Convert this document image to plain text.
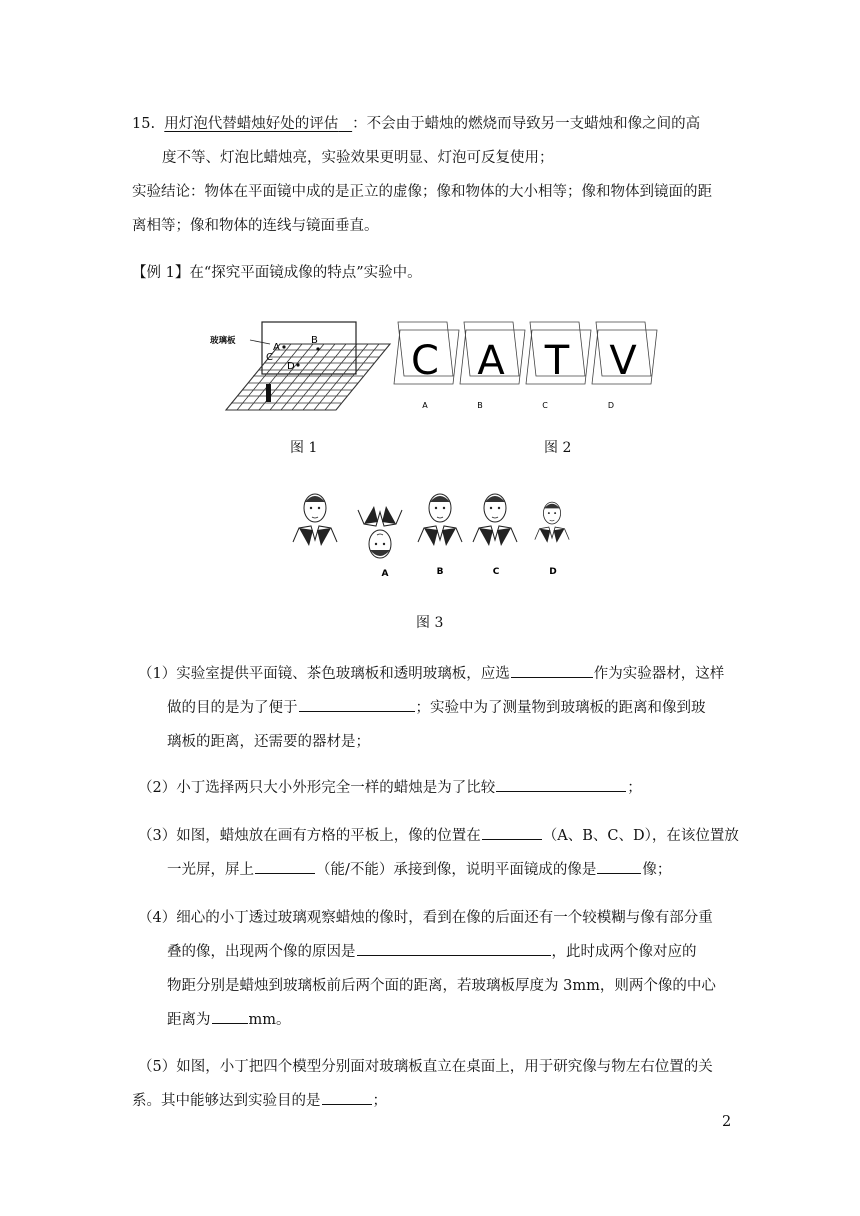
15. 用灯泡代替蜡烛好处的评估 ：不会由于蜡烛的燃烧而导致另一支蜡烛和像之间的高
度不等、灯泡比蜡烛亮，实验效果更明显、灯泡可反复使用；
实验结论：物体在平面镜中成的是正立的虚像；像和物体的大小相等；像和物体到镜面的距
离相等；像和物体的连线与镜面垂直。
【例 1】在“探究平面镜成像的特点”实验中。
玻璃板
A
B
C
D
图 1
C
A
A
B
T
C
V
D
图 2
A	B	C	D
图 3
（1）实验室提供平面镜、茶色玻璃板和透明玻璃板，应选	作为实验器材，这样
做的目的是为了便于	；实验中为了测量物到玻璃板的距离和像到玻
璃板的距离，还需要的器材是；
（2）小丁选择两只大小外形完全一样的蜡烛是为了比较	；
（3）如图，蜡烛放在画有方格的平板上，像的位置在	（A、B、C、D），在该位置放
一光屏，屏上	（能/不能）承接到像，说明平面镜成的像是	像；
（4）细心的小丁透过玻璃观察蜡烛的像时，看到在像的后面还有一个较模糊与像有部分重
叠的像，出现两个像的原因是	，此时成两个像对应的
物距分别是蜡烛到玻璃板前后两个面的距离，若玻璃板厚度为 3mm，则两个像的中心
距离为	mm。
（5）如图，小丁把四个模型分别面对玻璃板直立在桌面上，用于研究像与物左右位置的关
系。其中能够达到实验目的是	；
2
